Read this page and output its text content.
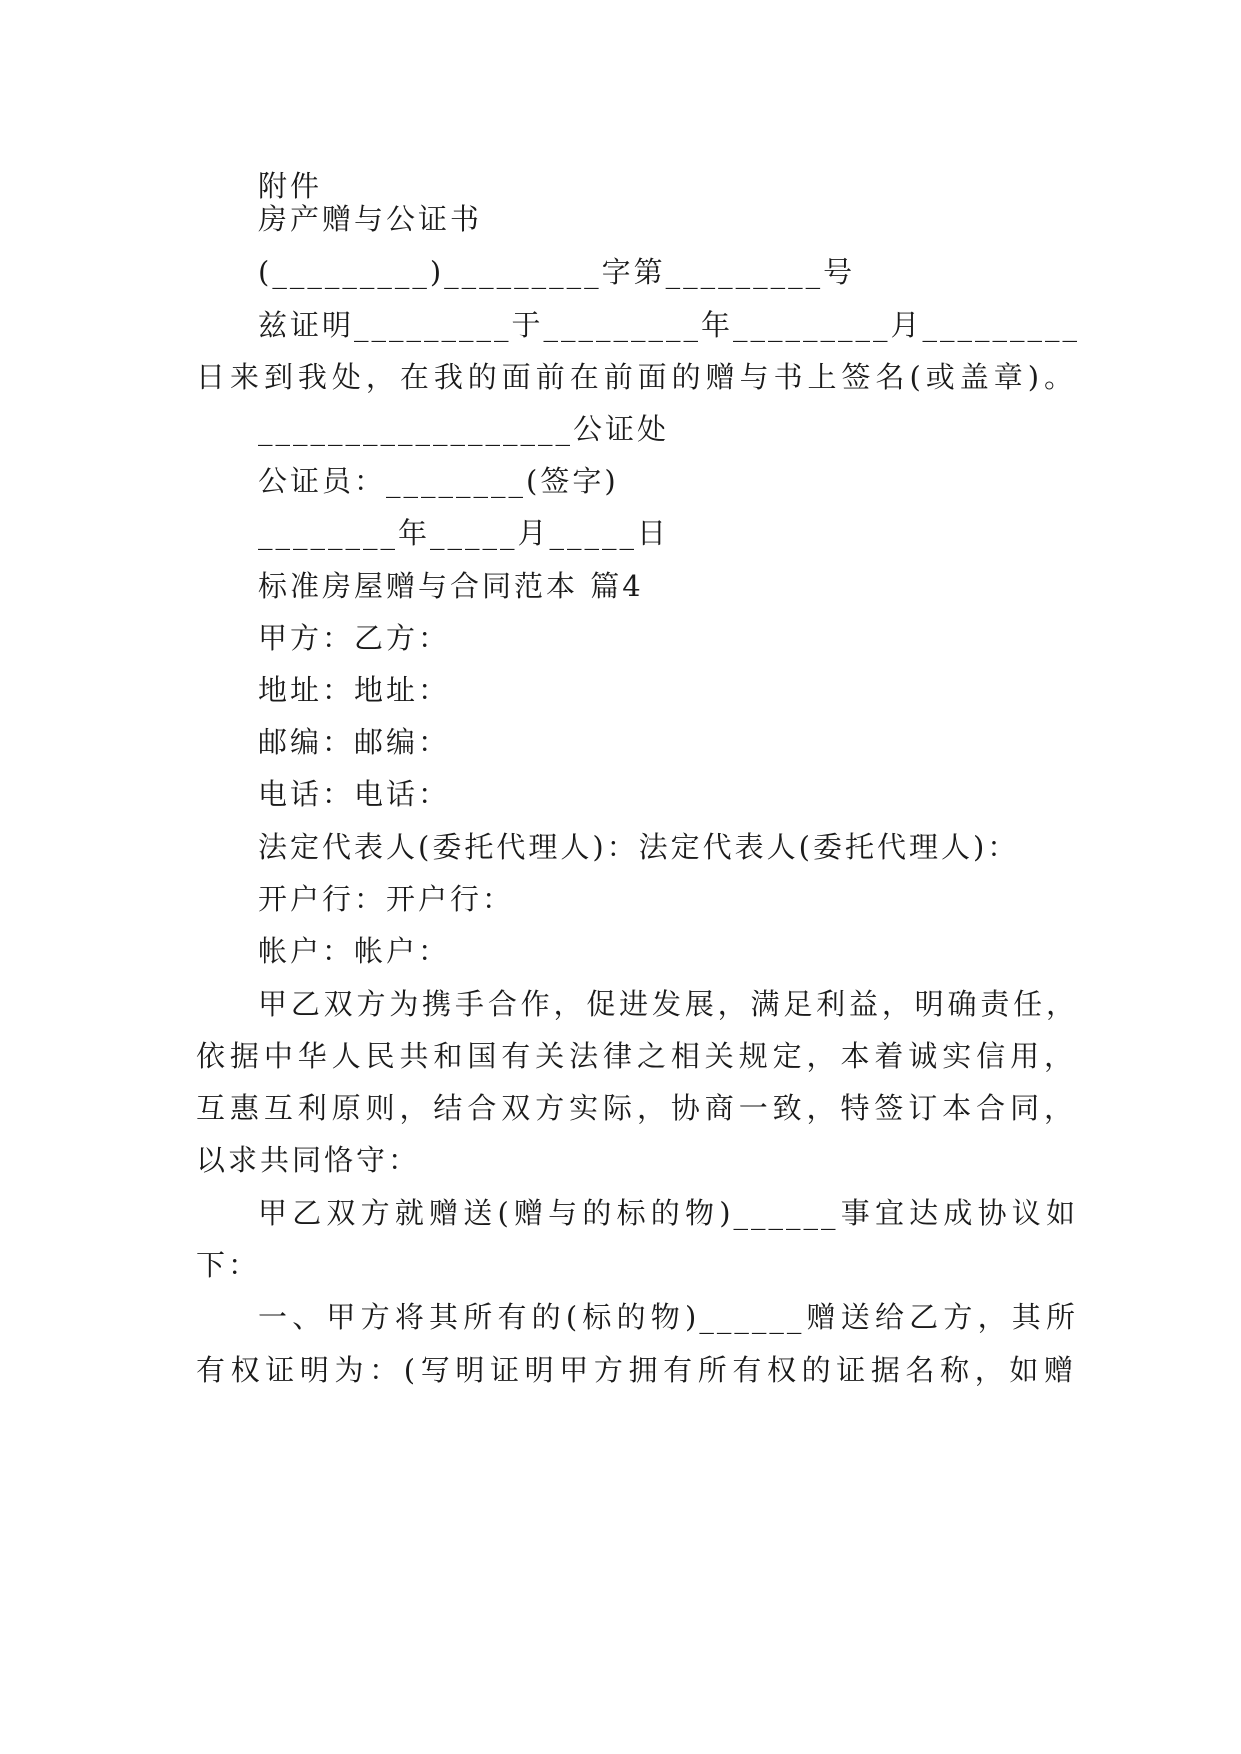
附件
房产赠与公证书
(_________)_________字第_________号
兹证明_________于_________年_________月_________
日来到我处，在我的面前在前面的赠与书上签名(或盖章)。
__________________公证处
公证员：________(签字)
________年_____月_____日
标准房屋赠与合同范本 篇4
甲方：乙方：
地址：地址：
邮编：邮编：
电话：电话：
法定代表人(委托代理人)：法定代表人(委托代理人)：
开户行：开户行：
帐户：帐户：
甲乙双方为携手合作，促进发展，满足利益，明确责任，
依据中华人民共和国有关法律之相关规定，本着诚实信用，
互惠互利原则，结合双方实际，协商一致，特签订本合同，
以求共同恪守：
甲乙双方就赠送(赠与的标的物)______事宜达成协议如
下：
一、甲方将其所有的(标的物)______赠送给乙方，其所
有权证明为：(写明证明甲方拥有所有权的证据名称，如赠
